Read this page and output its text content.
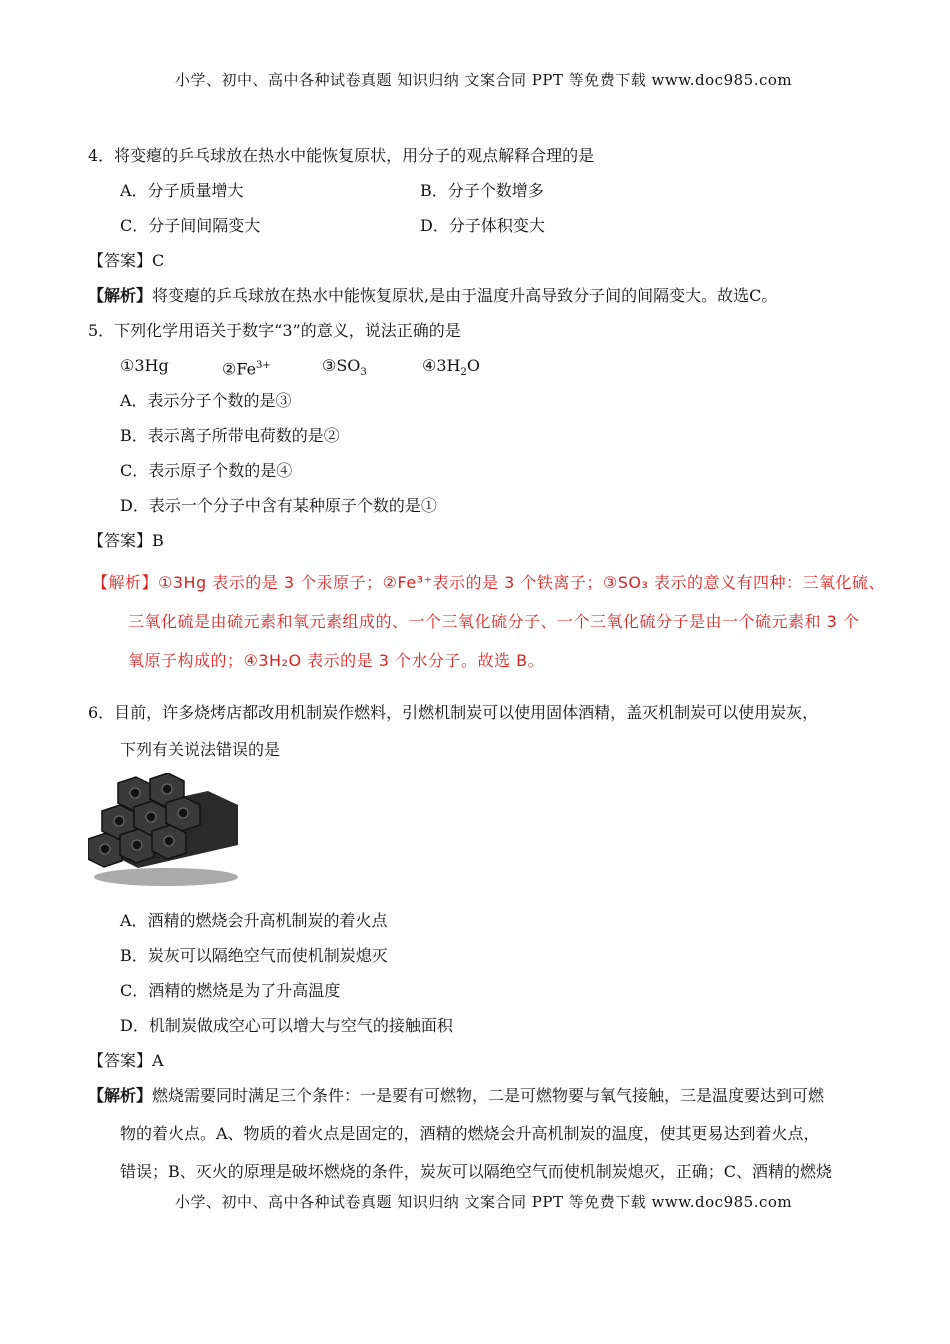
小学、初中、高中各种试卷真题 知识归纳 文案合同 PPT 等免费下载 www.doc985.com
4．将变瘪的乒乓球放在热水中能恢复原状，用分子的观点解释合理的是
A．分子质量增大	B．分子个数增多
C．分子间间隔变大	D．分子体积变大
【答案】C
【解析】将变瘪的乒乓球放在热水中能恢复原状,是由于温度升高导致分子间的间隔变大。故选C。
5．下列化学用语关于数字“3”的意义，说法正确的是
①3Hg	$②Fe^{3+}$	$③SO_3$	$④3H_2O$
A．表示分子个数的是③
B．表示离子所带电荷数的是②
C．表示原子个数的是④
D．表示一个分子中含有某种原子个数的是①
【答案】B
【解析】①3Hg 表示的是 3 个汞原子；②Fe³⁺表示的是 3 个铁离子；③SO₃ 表示的意义有四种：三氧化硫、
三氧化硫是由硫元素和氧元素组成的、一个三氧化硫分子、一个三氧化硫分子是由一个硫元素和 3 个
氧原子构成的；④3H₂O 表示的是 3 个水分子。故选 B。
6．目前，许多烧烤店都改用机制炭作燃料，引燃机制炭可以使用固体酒精，盖灭机制炭可以使用炭灰，
下列有关说法错误的是
A．酒精的燃烧会升高机制炭的着火点
B．炭灰可以隔绝空气而使机制炭熄灭
C．酒精的燃烧是为了升高温度
D．机制炭做成空心可以增大与空气的接触面积
【答案】A
【解析】燃烧需要同时满足三个条件：一是要有可燃物，二是可燃物要与氧气接触，三是温度要达到可燃
物的着火点。A、物质的着火点是固定的，酒精的燃烧会升高机制炭的温度，使其更易达到着火点，
错误；B、灭火的原理是破坏燃烧的条件，炭灰可以隔绝空气而使机制炭熄灭，正确；C、酒精的燃烧
小学、初中、高中各种试卷真题 知识归纳 文案合同 PPT 等免费下载 www.doc985.com
